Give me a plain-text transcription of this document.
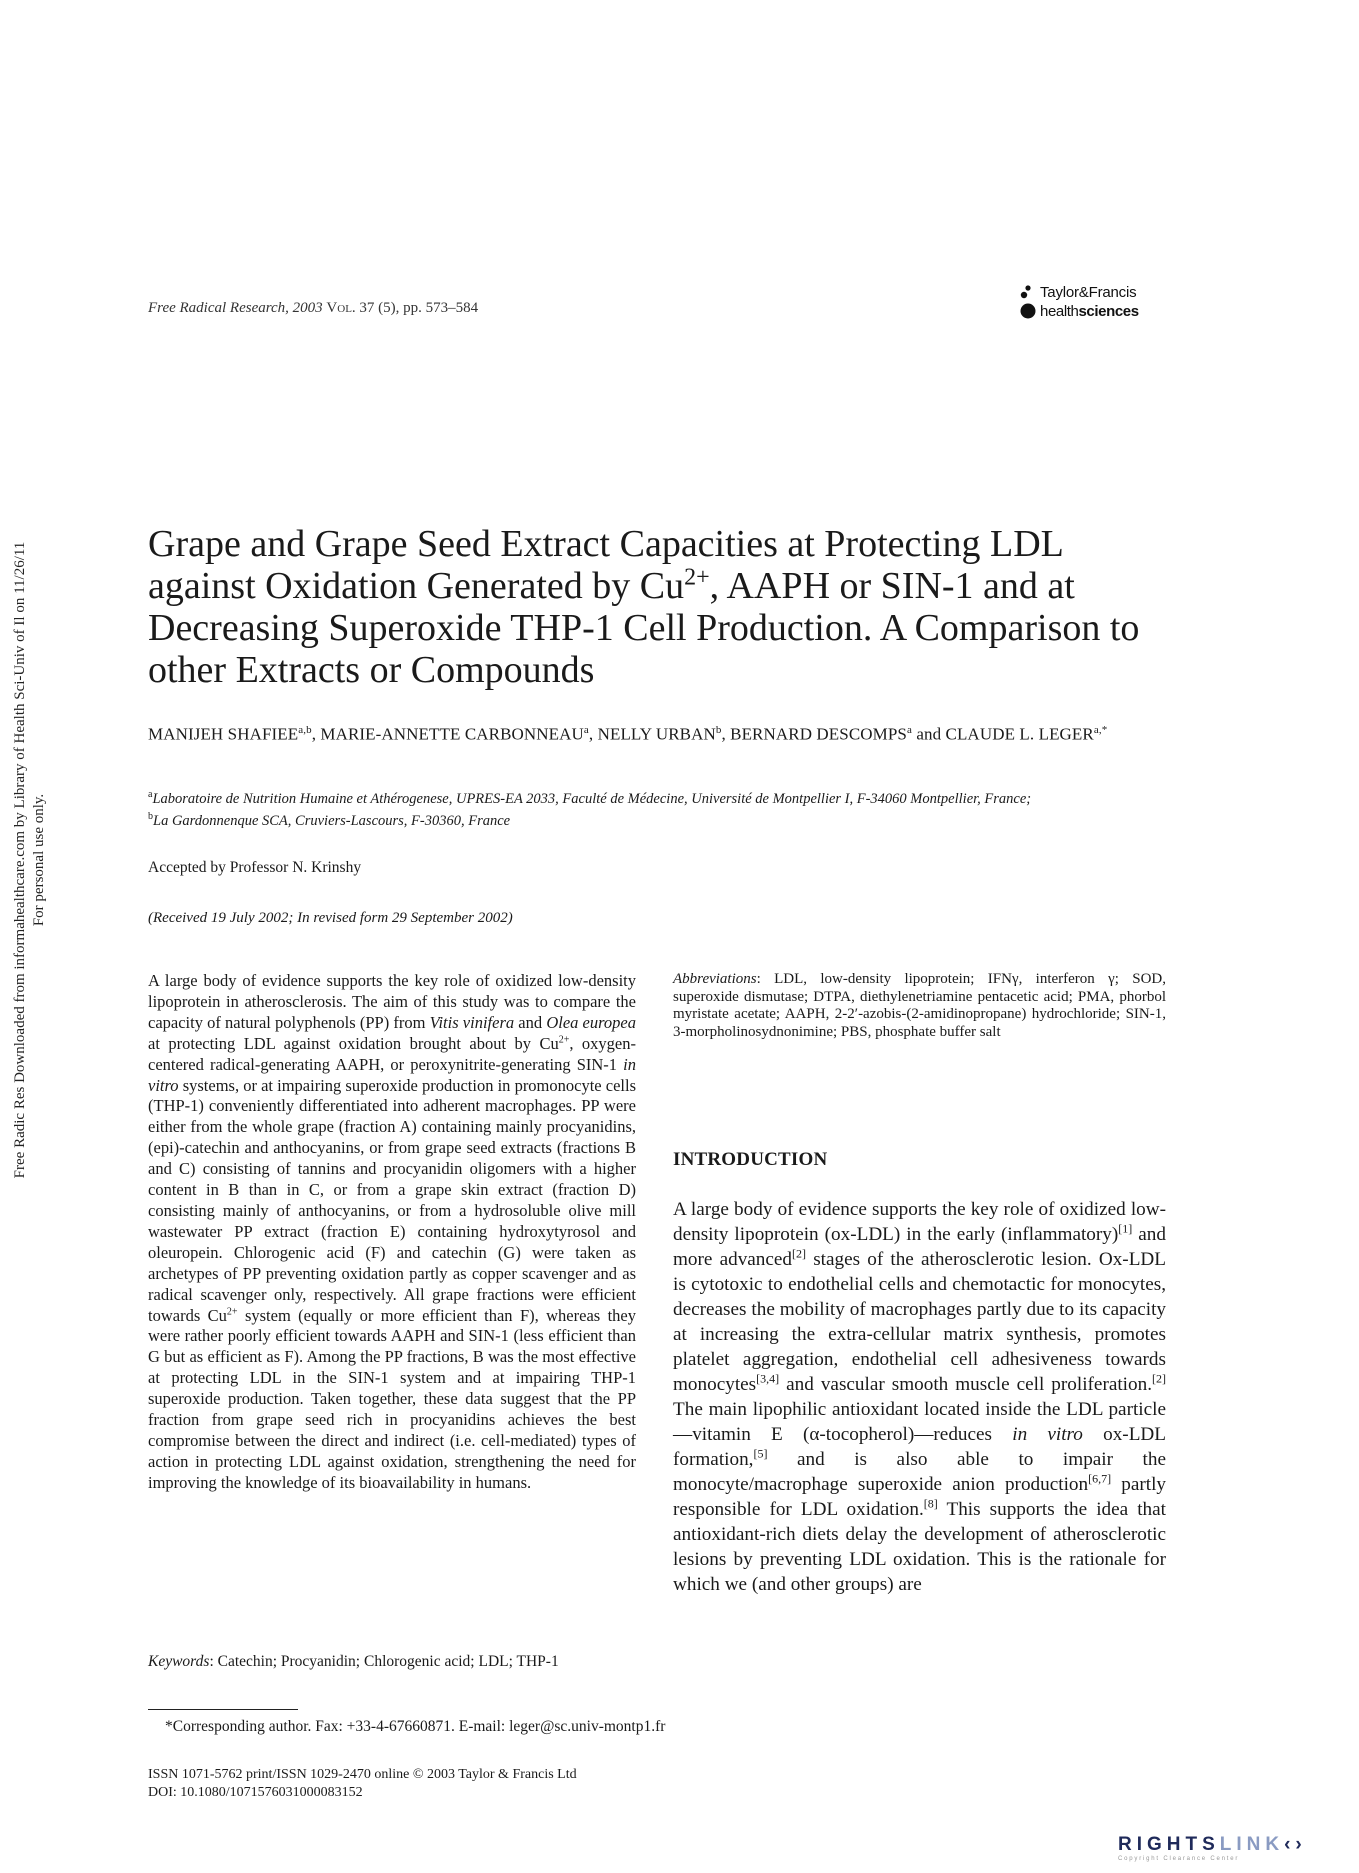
Free Radic Res Downloaded from informahealthcare.com by Library of Health Sci-Univ of Il on 11/26/11 For personal use only.
Free Radical Research, 2003 Vol. 37 (5), pp. 573–584
Taylor&Francis
healthsciences
Grape and Grape Seed Extract Capacities at Protecting LDL against Oxidation Generated by $Cu^{2+}$, AAPH or SIN-1 and at Decreasing Superoxide THP-1 Cell Production. A Comparison to other Extracts or Compounds
MANIJEH SHAFIEE$^{a,b}$, MARIE-ANNETTE CARBONNEAU$^a$, NELLY URBAN$^b$, BERNARD DESCOMPS$^a$ and CLAUDE L. $LEGER^{a,*}$
$^a$Laboratoire de Nutrition Humaine et Athérogenese, UPRES-EA 2033, Faculté de Médecine, Université de Montpellier I, F-34060 Montpellier, France;
$^b$La Gardonnenque SCA, Cruviers-Lascours, F-30360, France
Accepted by Professor N. Krinshy
(Received 19 July 2002; In revised form 29 September 2002)
A large body of evidence supports the key role of oxidized low-density lipoprotein in atherosclerosis. The aim of this study was to compare the capacity of natural polyphenols (PP) from Vitis vinifera and Olea europea at protecting LDL against oxidation brought about by $Cu^{2+}$, oxygen-centered radical-generating AAPH, or peroxynitrite-generating SIN-1 in vitro systems, or at impairing superoxide production in promonocyte cells (THP-1) conveniently differentiated into adherent macrophages. PP were either from the whole grape (fraction A) containing mainly procyanidins, (epi)-catechin and anthocyanins, or from grape seed extracts (fractions B and C) consisting of tannins and procyanidin oligomers with a higher content in B than in C, or from a grape skin extract (fraction D) consisting mainly of anthocyanins, or from a hydrosoluble olive mill wastewater PP extract (fraction E) containing hydroxytyrosol and oleuropein. Chlorogenic acid (F) and catechin (G) were taken as archetypes of PP preventing oxidation partly as copper scavenger and as radical scavenger only, respectively. All grape fractions were efficient towards $Cu^{2+}$ system (equally or more efficient than F), whereas they were rather poorly efficient towards AAPH and SIN-1 (less efficient than G but as efficient as F). Among the PP fractions, B was the most effective at protecting LDL in the SIN-1 system and at impairing THP-1 superoxide production. Taken together, these data suggest that the PP fraction from grape seed rich in procyanidins achieves the best compromise between the direct and indirect (i.e. cell-mediated) types of action in protecting LDL against oxidation, strengthening the need for improving the knowledge of its bioavailability in humans.
Keywords: Catechin; Procyanidin; Chlorogenic acid; LDL; THP-1
Abbreviations: LDL, low-density lipoprotein; IFNγ, interferon γ; SOD, superoxide dismutase; DTPA, diethylenetriamine pentacetic acid; PMA, phorbol myristate acetate; AAPH, 2-2′-azobis-(2-amidinopropane) hydrochloride; SIN-1, 3-morpholinosydnonimine; PBS, phosphate buffer salt
INTRODUCTION
A large body of evidence supports the key role of oxidized low-density lipoprotein (ox-LDL) in the early (inflammatory)[1] and more advanced[2] stages of the atherosclerotic lesion. Ox-LDL is cytotoxic to endothelial cells and chemotactic for monocytes, decreases the mobility of macrophages partly due to its capacity at increasing the extra-cellular matrix synthesis, promotes platelet aggregation, endothelial cell adhesiveness towards monocytes[3,4] and vascular smooth muscle cell proliferation.[2] The main lipophilic antioxidant located inside the LDL particle—vitamin E (α-tocopherol)—reduces in vitro ox-LDL formation,[5] and is also able to impair the monocyte/macrophage superoxide anion production[6,7] partly responsible for LDL oxidation.[8] This supports the idea that antioxidant-rich diets delay the development of atherosclerotic lesions by preventing LDL oxidation. This is the rationale for which we (and other groups) are
*Corresponding author. Fax: +33-4-67660871. E-mail: leger@sc.univ-montp1.fr
ISSN 1071-5762 print/ISSN 1029-2470 online © 2003 Taylor & Francis Ltd
DOI: 10.1080/1071576031000083152
RIGHTSLINK‹›
Copyright Clearance Center
